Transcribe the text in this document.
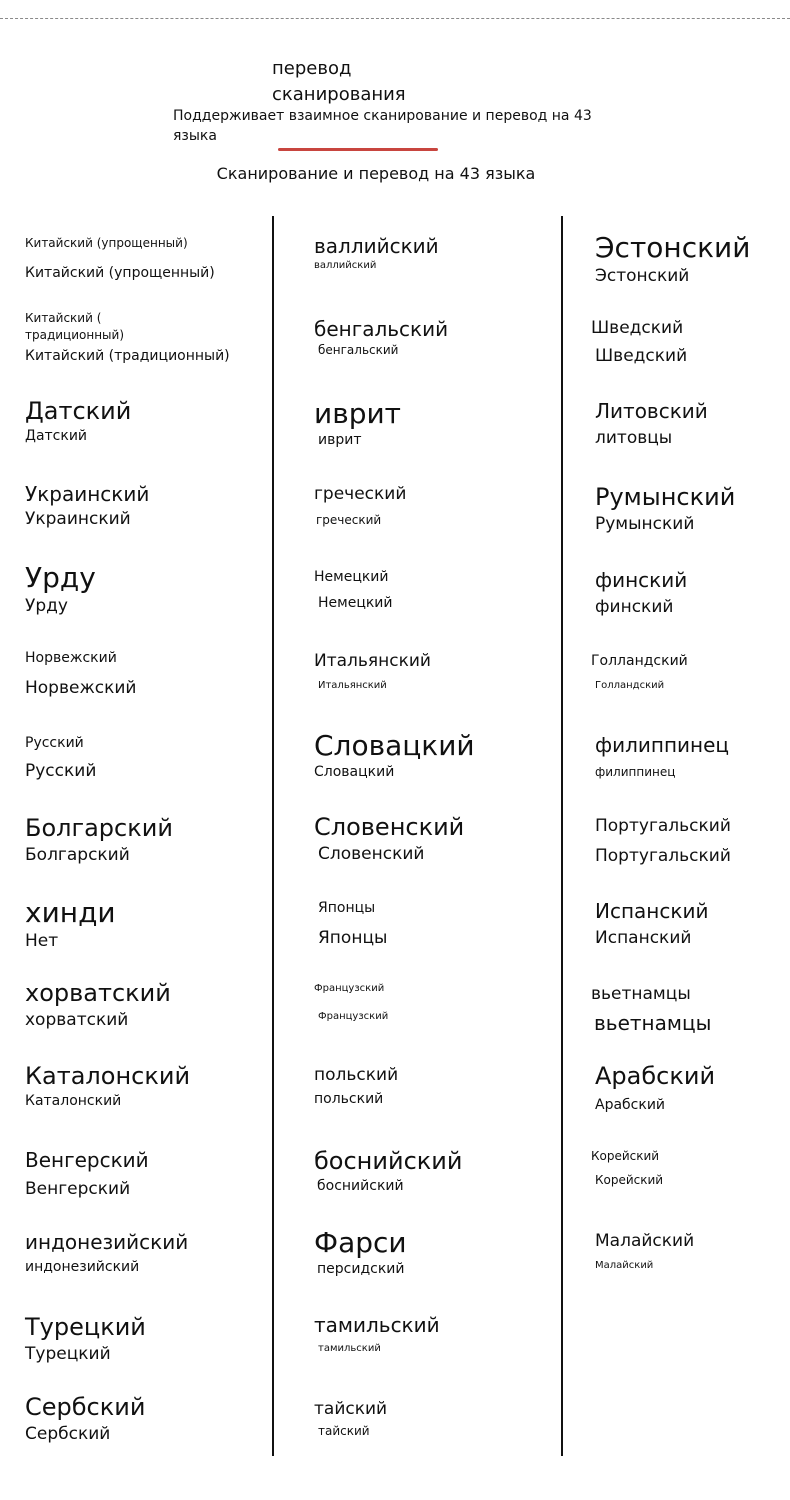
перевод сканирования
Поддерживает взаимное сканирование и перевод на 43 языка
Сканирование и перевод на 43 языка
Китайский (упрощенный)
Китайский (упрощенный)
Китайский ( традиционный)
Китайский (традиционный)
Датский
Датский
Украинский
Украинский
Урду
Урду
Норвежский
Норвежский
Русский
Русский
Болгарский
Болгарский
хинди
Нет
хорватский
хорватский
Каталонский
Каталонский
Венгерский
Венгерский
индонезийский
индонезийский
Турецкий
Турецкий
Сербский
Сербский
валлийский
валлийский
бенгальский
бенгальский
иврит
иврит
греческий
греческий
Немецкий
Немецкий
Итальянский
Итальянский
Словацкий
Словацкий
Словенский
Словенский
Японцы
Японцы
Французский
Французский
польский
польский
боснийский
боснийский
Фарси
персидский
тамильский
тамильский
тайский
тайский
Эстонский
Эстонский
Шведский
Шведский
Литовский
литовцы
Румынский
Румынский
финский
финский
Голландский
Голландский
филиппинец
филиппинец
Португальский
Португальский
Испанский
Испанский
вьетнамцы
вьетнамцы
Арабский
Арабский
Корейский
Корейский
Малайский
Малайский
